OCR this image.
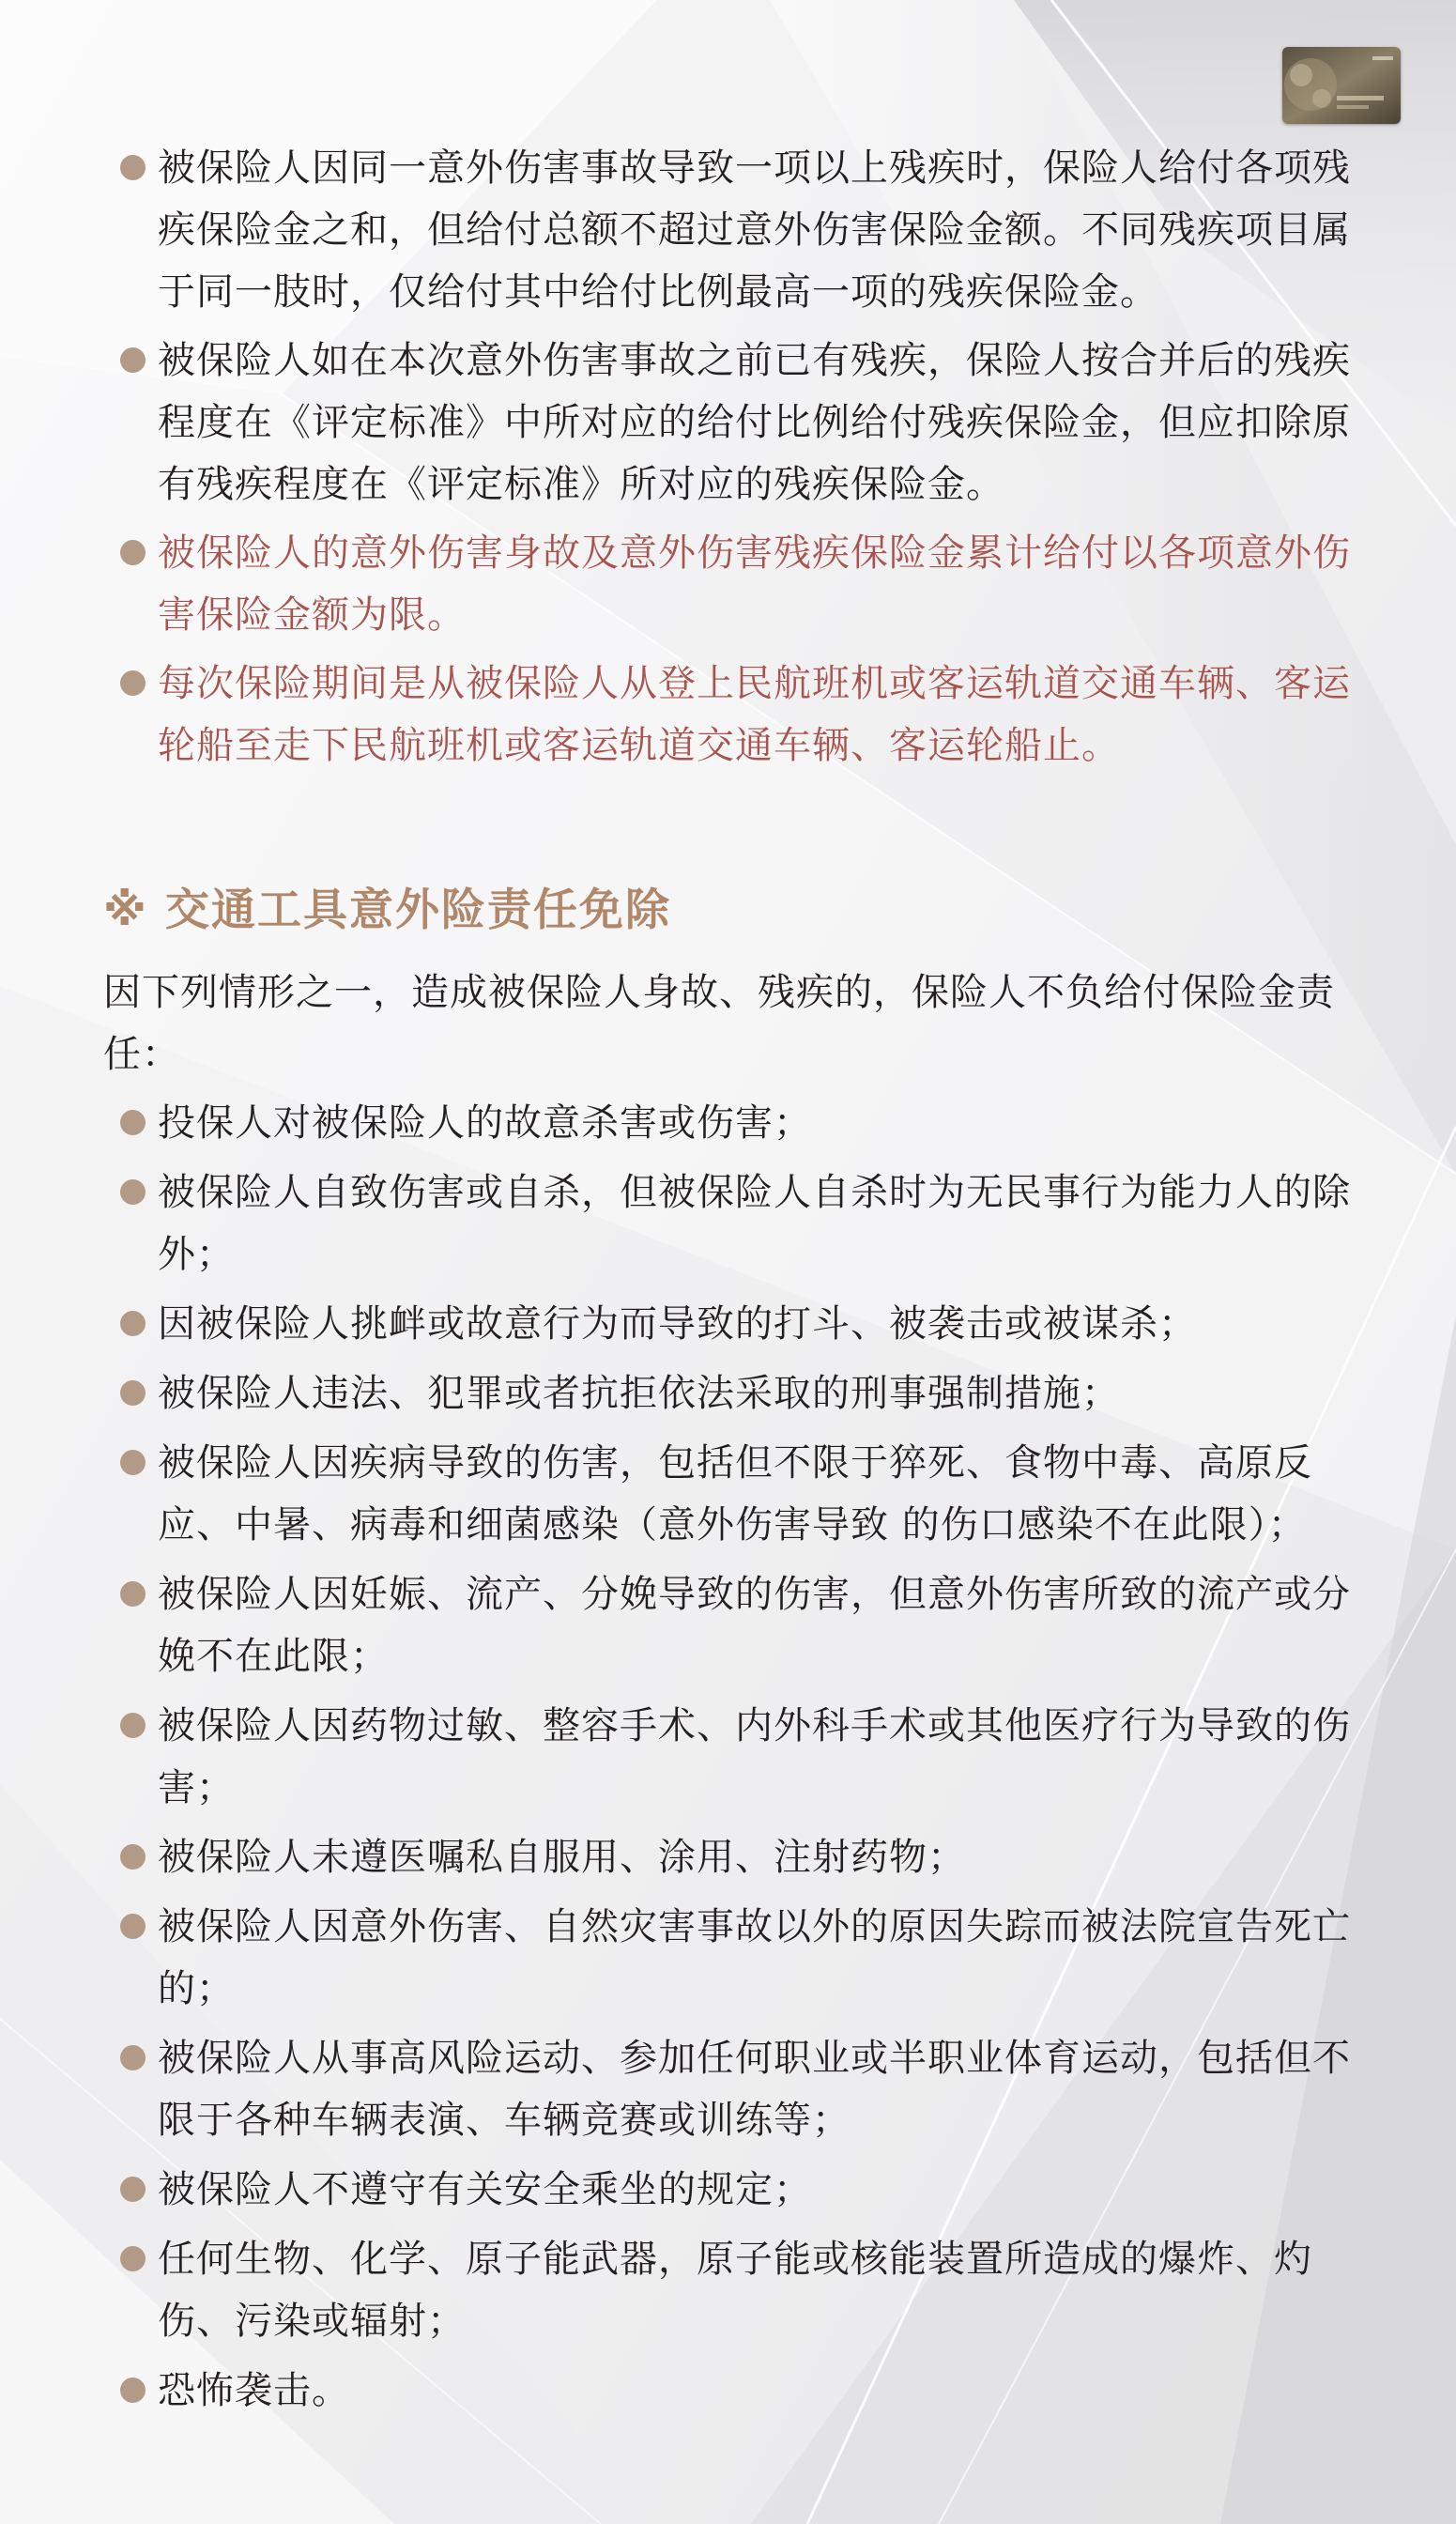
被保险人因同一意外伤害事故导致一项以上残疾时，保险人给付各项残疾保险金之和，但给付总额不超过意外伤害保险金额。不同残疾项目属于同一肢时，仅给付其中给付比例最高一项的残疾保险金。
被保险人如在本次意外伤害事故之前已有残疾，保险人按合并后的残疾程度在《评定标准》中所对应的给付比例给付残疾保险金，但应扣除原有残疾程度在《评定标准》所对应的残疾保险金。
被保险人的意外伤害身故及意外伤害残疾保险金累计给付以各项意外伤害保险金额为限。
每次保险期间是从被保险人从登上民航班机或客运轨道交通车辆、客运轮船至走下民航班机或客运轨道交通车辆、客运轮船止。
※ 交通工具意外险责任免除
因下列情形之一，造成被保险人身故、残疾的，保险人不负给付保险金责任：
投保人对被保险人的故意杀害或伤害；
被保险人自致伤害或自杀，但被保险人自杀时为无民事行为能力人的除外；
因被保险人挑衅或故意行为而导致的打斗、被袭击或被谋杀；
被保险人违法、犯罪或者抗拒依法采取的刑事强制措施；
被保险人因疾病导致的伤害，包括但不限于猝死、食物中毒、高原反应、中暑、病毒和细菌感染（意外伤害导致 的伤口感染不在此限）；
被保险人因妊娠、流产、分娩导致的伤害，但意外伤害所致的流产或分娩不在此限；
被保险人因药物过敏、整容手术、内外科手术或其他医疗行为导致的伤害；
被保险人未遵医嘱私自服用、涂用、注射药物；
被保险人因意外伤害、自然灾害事故以外的原因失踪而被法院宣告死亡的；
被保险人从事高风险运动、参加任何职业或半职业体育运动，包括但不限于各种车辆表演、车辆竞赛或训练等；
被保险人不遵守有关安全乘坐的规定；
任何生物、化学、原子能武器，原子能或核能装置所造成的爆炸、灼伤、污染或辐射；
恐怖袭击。
